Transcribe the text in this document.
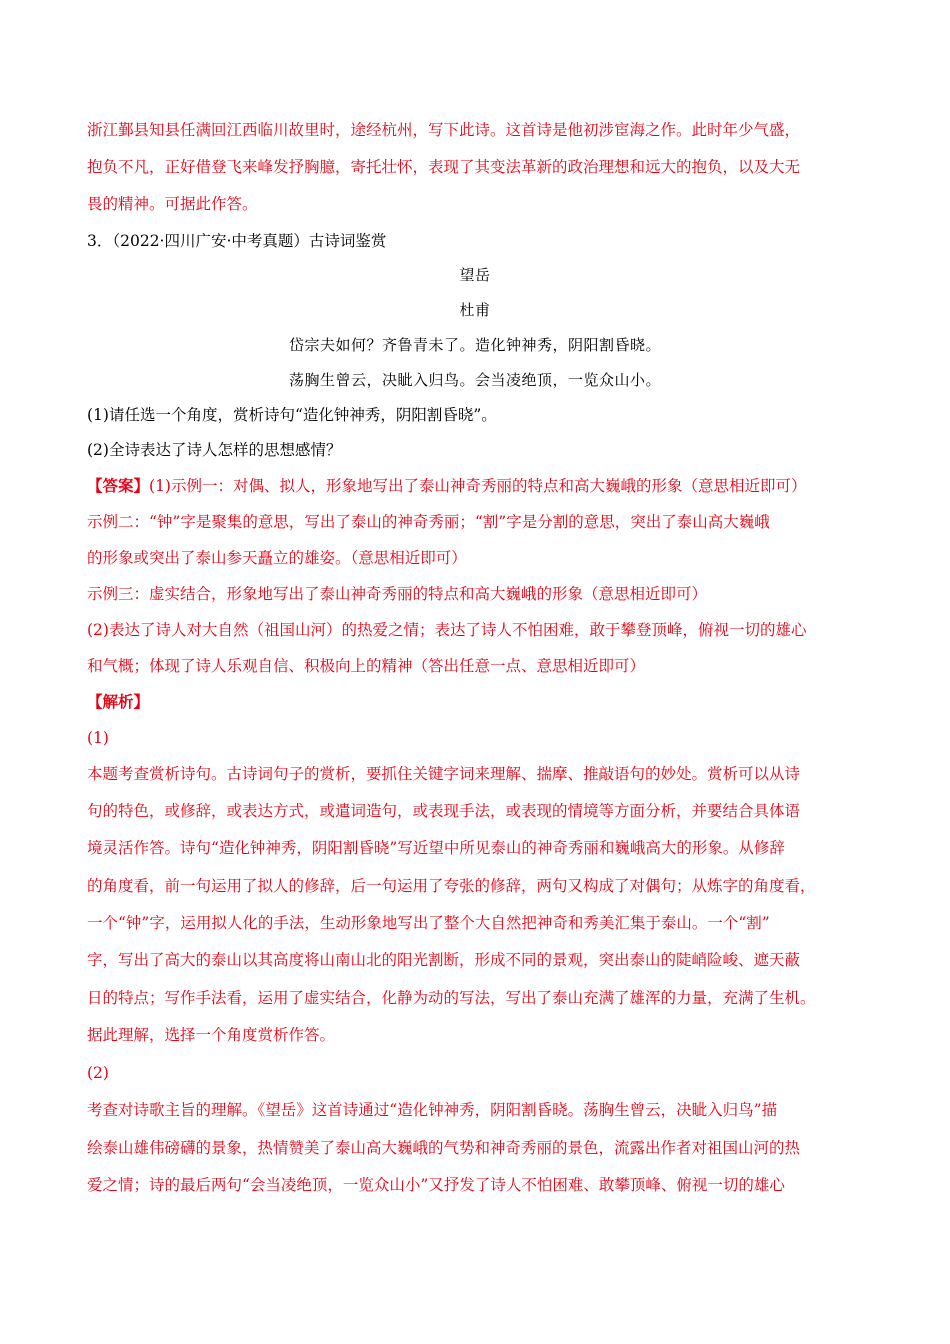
浙江鄞县知县任满回江西临川故里时，途经杭州，写下此诗。这首诗是他初涉宦海之作。此时年少气盛，
抱负不凡，正好借登飞来峰发抒胸臆，寄托壮怀，表现了其变法革新的政治理想和远大的抱负，以及大无
畏的精神。可据此作答。
3．（2022·四川广安·中考真题）古诗词鉴赏
望岳
杜甫
岱宗夫如何？齐鲁青未了。造化钟神秀，阴阳割昏晓。
荡胸生曾云，决眦入归鸟。会当凌绝顶，一览众山小。
(1)请任选一个角度，赏析诗句“造化钟神秀，阴阳割昏晓”。
(2)全诗表达了诗人怎样的思想感情？
【答案】(1)示例一：对偶、拟人，形象地写出了泰山神奇秀丽的特点和高大巍峨的形象（意思相近即可）
示例二：“钟”字是聚集的意思，写出了泰山的神奇秀丽；“割”字是分割的意思，突出了泰山高大巍峨
的形象或突出了泰山参天矗立的雄姿。（意思相近即可）
示例三：虚实结合，形象地写出了泰山神奇秀丽的特点和高大巍峨的形象（意思相近即可）
(2)表达了诗人对大自然（祖国山河）的热爱之情；表达了诗人不怕困难，敢于攀登顶峰，俯视一切的雄心
和气概；体现了诗人乐观自信、积极向上的精神（答出任意一点、意思相近即可）
【解析】
(1)
本题考查赏析诗句。古诗词句子的赏析，要抓住关键字词来理解、揣摩、推敲语句的妙处。赏析可以从诗
句的特色，或修辞，或表达方式，或遣词造句，或表现手法，或表现的情境等方面分析，并要结合具体语
境灵活作答。诗句“造化钟神秀，阴阳割昏晓”写近望中所见泰山的神奇秀丽和巍峨高大的形象。从修辞
的角度看，前一句运用了拟人的修辞，后一句运用了夸张的修辞，两句又构成了对偶句；从炼字的角度看，
一个“钟”字，运用拟人化的手法，生动形象地写出了整个大自然把神奇和秀美汇集于泰山。一个“割”
字，写出了高大的泰山以其高度将山南山北的阳光割断，形成不同的景观，突出泰山的陡峭险峻、遮天蔽
日的特点；写作手法看，运用了虚实结合，化静为动的写法，写出了泰山充满了雄浑的力量，充满了生机。
据此理解，选择一个角度赏析作答。
(2)
考查对诗歌主旨的理解。《望岳》这首诗通过“造化钟神秀，阴阳割昏晓。荡胸生曾云，决眦入归鸟”描
绘泰山雄伟磅礴的景象，热情赞美了泰山高大巍峨的气势和神奇秀丽的景色，流露出作者对祖国山河的热
爱之情；诗的最后两句“会当凌绝顶，一览众山小”又抒发了诗人不怕困难、敢攀顶峰、俯视一切的雄心
